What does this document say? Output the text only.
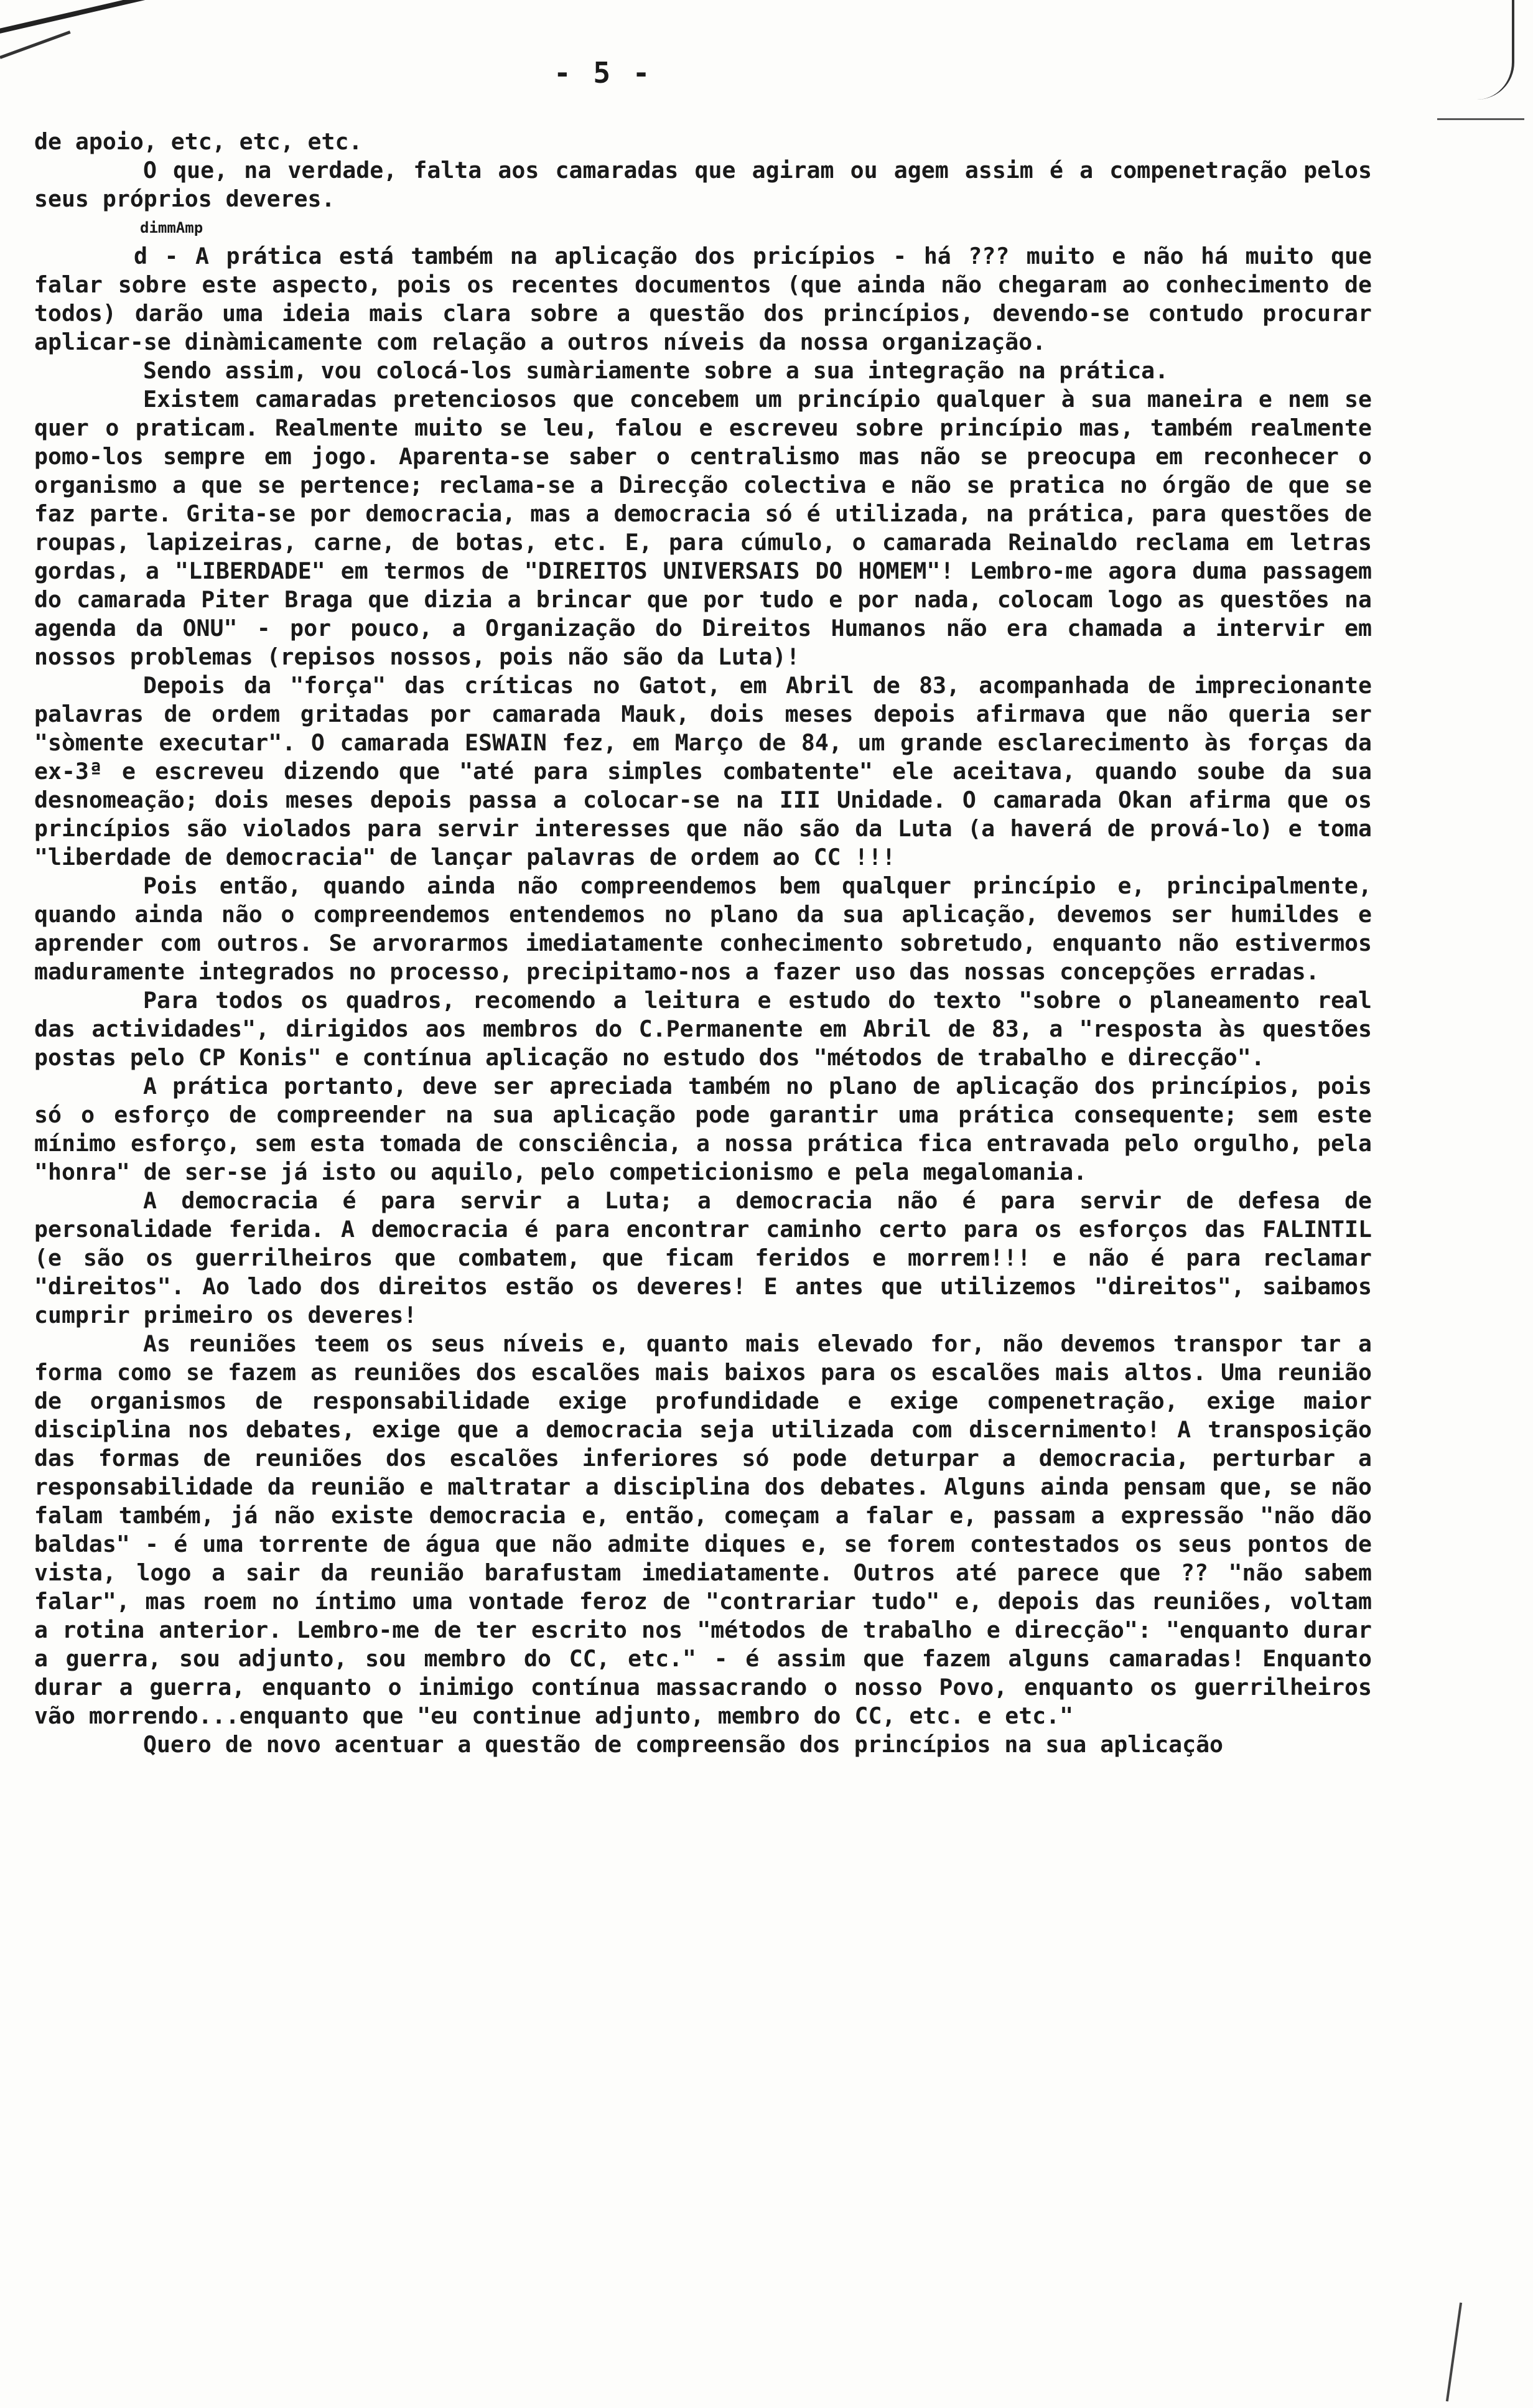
- 5 -

de apoio, etc, etc, etc.

O que, na verdade, falta aos camaradas que agiram ou agem assim é a compenetração pelos seus próprios deveres.

dimmAmp

d - A prática está também na aplicação dos pricípios - há ??? muito e não há muito que falar sobre este aspecto, pois os recentes documentos (que ainda não chegaram ao conhecimento de todos) darão uma ideia mais clara sobre a questão dos princípios, devendo-se contudo procurar aplicar-se dinàmicamente com relação a outros níveis da nossa organização.

Sendo assim, vou colocá-los sumàriamente sobre a sua integração na prática.

Existem camaradas pretenciosos que concebem um princípio qualquer à sua maneira e nem se quer o praticam. Realmente muito se leu, falou e escreveu sobre princípio mas, também realmente pomo-los sempre em jogo. Aparenta-se saber o centralismo mas não se preocupa em reconhecer o organismo a que se pertence; reclama-se a Direcção colectiva e não se pratica no órgão de que se faz parte. Grita-se por democracia, mas a democracia só é utilizada, na prática, para questões de roupas, lapizeiras, carne, de botas, etc. E, para cúmulo, o camarada Reinaldo reclama em letras gordas, a "LIBERDADE" em termos de "DIREITOS UNIVERSAIS DO HOMEM"! Lembro-me agora duma passagem do camarada Piter Braga que dizia a brincar que por tudo e por nada, colocam logo as questões na agenda da ONU" - por pouco, a Organização do Direitos Humanos não era chamada a intervir em nossos problemas (repisos nossos, pois não são da Luta)!

Depois da "força" das críticas no Gatot, em Abril de 83, acompanhada de imprecionante palavras de ordem gritadas por camarada Mauk, dois meses depois afirmava que não queria ser "sòmente executar". O camarada ESWAIN fez, em Março de 84, um grande esclarecimento às forças da ex-3ª e escreveu dizendo que "até para simples combatente" ele aceitava, quando soube da sua desnomeação; dois meses depois passa a colocar-se na III Unidade. O camarada Okan afirma que os princípios são violados para servir interesses que não são da Luta (a haverá de prová-lo) e toma "liberdade de democracia" de lançar palavras de ordem ao CC !!!

Pois então, quando ainda não compreendemos bem qualquer princípio e, principalmente, quando ainda não o compreendemos entendemos no plano da sua aplicação, devemos ser humildes e aprender com outros. Se arvorarmos imediatamente conhecimento sobretudo, enquanto não estivermos maduramente integrados no processo, precipitamo-nos a fazer uso das nossas concepções erradas.

Para todos os quadros, recomendo a leitura e estudo do texto "sobre o planeamento real das actividades", dirigidos aos membros do C.Permanente em Abril de 83, a "resposta às questões postas pelo CP Konis" e contínua aplicação no estudo dos "métodos de trabalho e direcção".

A prática portanto, deve ser apreciada também no plano de aplicação dos princípios, pois só o esforço de compreender na sua aplicação pode garantir uma prática consequente; sem este mínimo esforço, sem esta tomada de consciência, a nossa prática fica entravada pelo orgulho, pela "honra" de ser-se já isto ou aquilo, pelo competicionismo e pela megalomania.

A democracia é para servir a Luta; a democracia não é para servir de defesa de personalidade ferida. A democracia é para encontrar caminho certo para os esforços das FALINTIL (e são os guerrilheiros que combatem, que ficam feridos e morrem!!! e não é para reclamar "direitos". Ao lado dos direitos estão os deveres! E antes que utilizemos "direitos", saibamos cumprir primeiro os deveres!

As reuniões teem os seus níveis e, quanto mais elevado for, não devemos transpor tar a forma como se fazem as reuniões dos escalões mais baixos para os escalões mais altos. Uma reunião de organismos de responsabilidade exige profundidade e exige compenetração, exige maior disciplina nos debates, exige que a democracia seja utilizada com discernimento! A transposição das formas de reuniões dos escalões inferiores só pode deturpar a democracia, perturbar a responsabilidade da reunião e maltratar a disciplina dos debates. Alguns ainda pensam que, se não falam também, já não existe democracia e, então, começam a falar e, passam a expressão "não dão baldas" - é uma torrente de água que não admite diques e, se forem contestados os seus pontos de vista, logo a sair da reunião barafustam imediatamente. Outros até parece que ?? "não sabem falar", mas roem no íntimo uma vontade feroz de "contrariar tudo" e, depois das reuniões, voltam a rotina anterior. Lembro-me de ter escrito nos "métodos de trabalho e direcção": "enquanto durar a guerra, sou adjunto, sou membro do CC, etc." - é assim que fazem alguns camaradas! Enquanto durar a guerra, enquanto o inimigo contínua massacrando o nosso Povo, enquanto os guerrilheiros vão morrendo...enquanto que "eu continue adjunto, membro do CC, etc. e etc."

Quero de novo acentuar a questão de compreensão dos princípios na sua aplicação
